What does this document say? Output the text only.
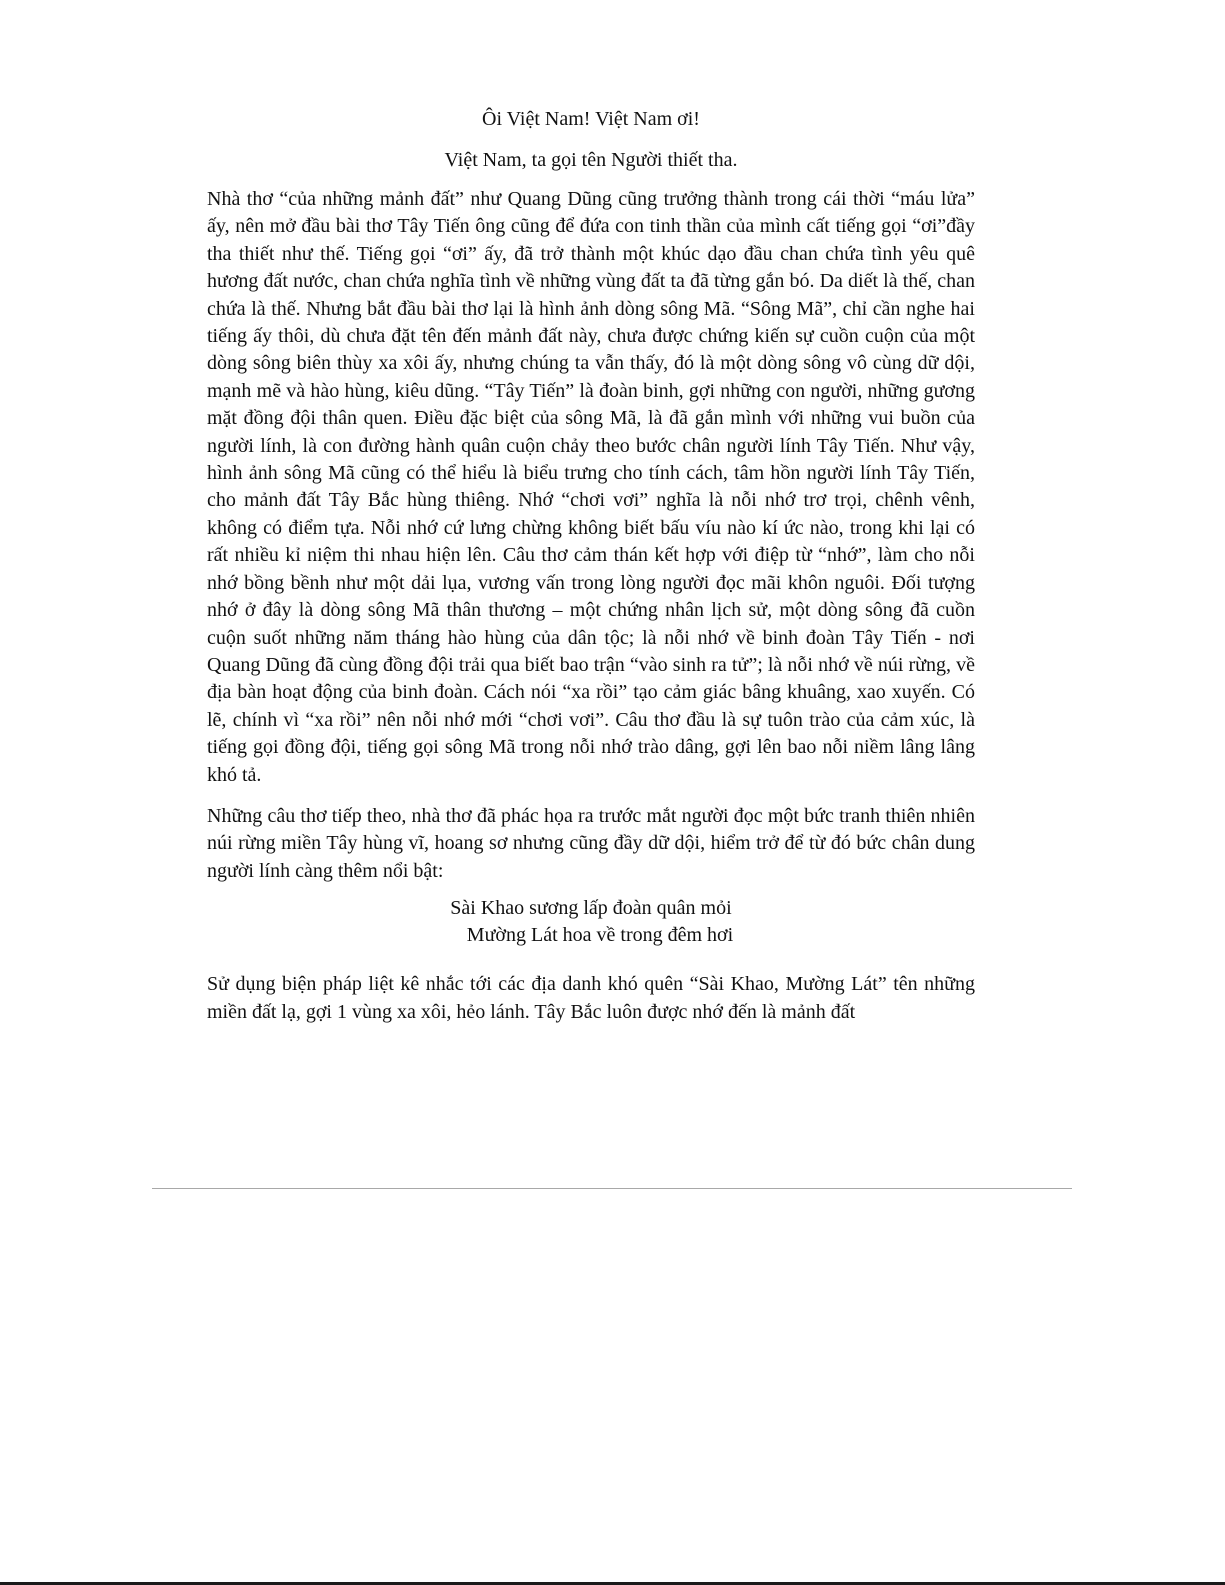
Ôi Việt Nam! Việt Nam ơi!

Việt Nam, ta gọi tên Người thiết tha.

Nhà thơ “của những mảnh đất” như Quang Dũng cũng trưởng thành trong cái thời “máu lửa” ấy, nên mở đầu bài thơ Tây Tiến ông cũng để đứa con tinh thần của mình cất tiếng gọi “ơi”đầy tha thiết như thế. Tiếng gọi “ơi” ấy, đã trở thành một khúc dạo đầu chan chứa tình yêu quê hương đất nước, chan chứa nghĩa tình về những vùng đất ta đã từng gắn bó. Da diết là thế, chan chứa là thế. Nhưng bắt đầu bài thơ lại là hình ảnh dòng sông Mã. “Sông Mã”, chỉ cần nghe hai tiếng ấy thôi, dù chưa đặt tên đến mảnh đất này, chưa được chứng kiến sự cuồn cuộn của một dòng sông biên thùy xa xôi ấy, nhưng chúng ta vẫn thấy, đó là một dòng sông vô cùng dữ dội, mạnh mẽ và hào hùng, kiêu dũng. “Tây Tiến” là đoàn binh, gợi những con người, những gương mặt đồng đội thân quen. Điều đặc biệt của sông Mã, là đã gắn mình với những vui buồn của người lính, là con đường hành quân cuộn chảy theo bước chân người lính Tây Tiến. Như vậy, hình ảnh sông Mã cũng có thể hiểu là biểu trưng cho tính cách, tâm hồn người lính Tây Tiến, cho mảnh đất Tây Bắc hùng thiêng. Nhớ “chơi vơi” nghĩa là nỗi nhớ trơ trọi, chênh vênh, không có điểm tựa. Nỗi nhớ cứ lưng chừng không biết bấu víu nào kí ức nào, trong khi lại có rất nhiều kỉ niệm thi nhau hiện lên. Câu thơ cảm thán kết hợp với điệp từ “nhớ”, làm cho nỗi nhớ bồng bềnh như một dải lụa, vương vấn trong lòng người đọc mãi khôn nguôi. Đối tượng nhớ ở đây là dòng sông Mã thân thương – một chứng nhân lịch sử, một dòng sông đã cuồn cuộn suốt những năm tháng hào hùng của dân tộc; là nỗi nhớ về binh đoàn Tây Tiến - nơi Quang Dũng đã cùng đồng đội trải qua biết bao trận “vào sinh ra tử”; là nỗi nhớ về núi rừng, về địa bàn hoạt động của binh đoàn. Cách nói “xa rồi” tạo cảm giác bâng khuâng, xao xuyến. Có lẽ, chính vì “xa rồi” nên nỗi nhớ mới “chơi vơi”. Câu thơ đầu là sự tuôn trào của cảm xúc, là tiếng gọi đồng đội, tiếng gọi sông Mã trong nỗi nhớ trào dâng, gợi lên bao nỗi niềm lâng lâng khó tả.

Những câu thơ tiếp theo, nhà thơ đã phác họa ra trước mắt người đọc một bức tranh thiên nhiên núi rừng miền Tây hùng vĩ, hoang sơ nhưng cũng đầy dữ dội, hiểm trở để từ đó bức chân dung người lính càng thêm nổi bật:

Sài Khao sương lấp đoàn quân mỏi
Mường Lát hoa về trong đêm hơi

Sử dụng biện pháp liệt kê nhắc tới các địa danh khó quên “Sài Khao, Mường Lát” tên những miền đất lạ, gợi 1 vùng xa xôi, hẻo lánh. Tây Bắc luôn được nhớ đến là mảnh đất
